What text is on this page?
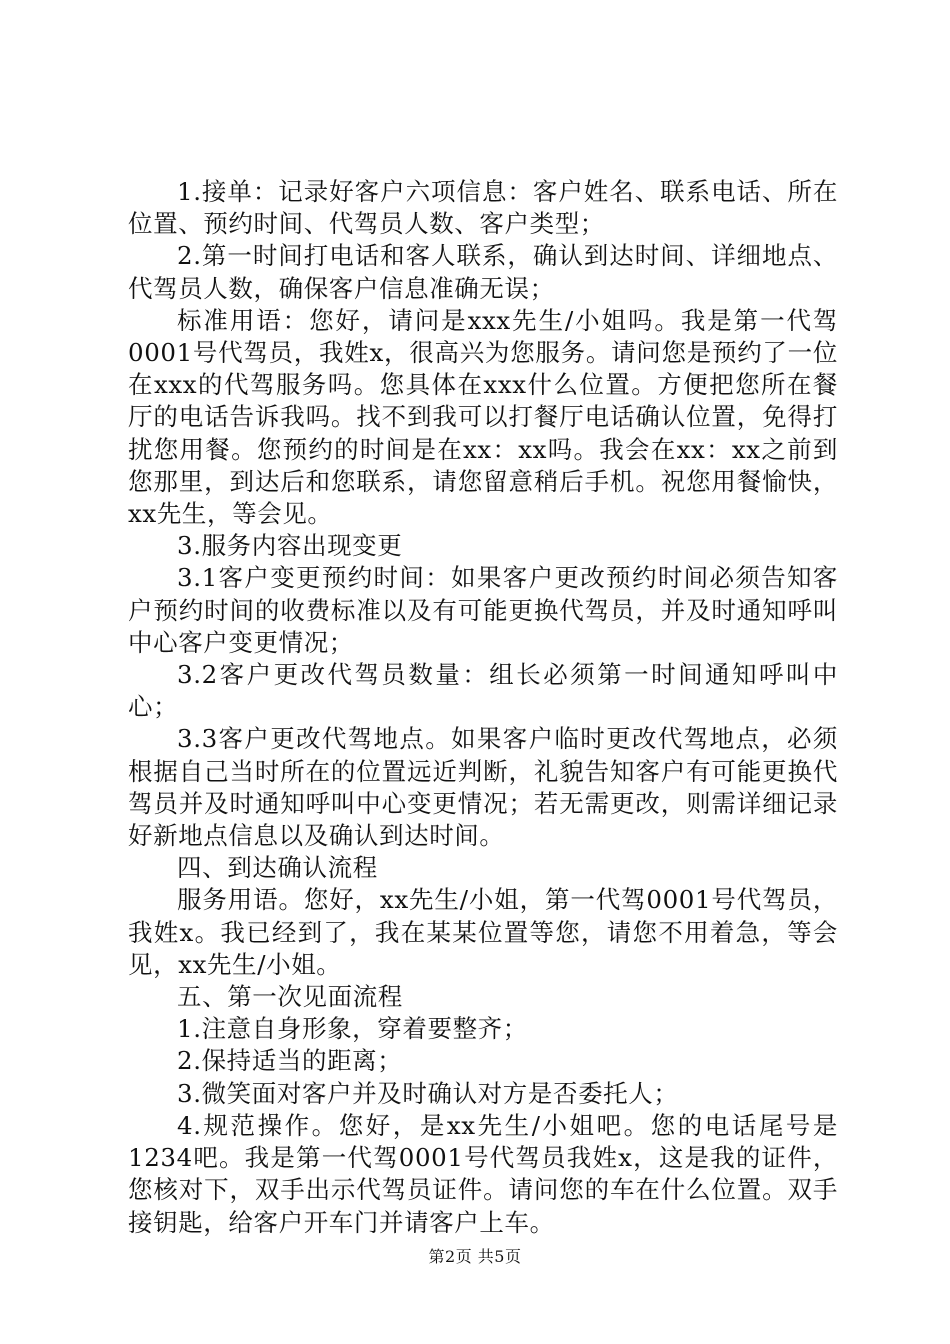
1.接单：记录好客户六项信息：客户姓名、联系电话、所在位置、预约时间、代驾员人数、客户类型；

2.第一时间打电话和客人联系，确认到达时间、详细地点、代驾员人数，确保客户信息准确无误；

标准用语：您好，请问是xxx先生/小姐吗。我是第一代驾0001号代驾员，我姓x，很高兴为您服务。请问您是预约了一位在xxx的代驾服务吗。您具体在xxx什么位置。方便把您所在餐厅的电话告诉我吗。找不到我可以打餐厅电话确认位置，免得打扰您用餐。您预约的时间是在xx：xx吗。我会在xx：xx之前到您那里，到达后和您联系，请您留意稍后手机。祝您用餐愉快，xx先生，等会见。

3.服务内容出现变更

3.1客户变更预约时间：如果客户更改预约时间必须告知客户预约时间的收费标准以及有可能更换代驾员，并及时通知呼叫中心客户变更情况；

3.2客户更改代驾员数量：组长必须第一时间通知呼叫中心；

3.3客户更改代驾地点。如果客户临时更改代驾地点，必须根据自己当时所在的位置远近判断，礼貌告知客户有可能更换代驾员并及时通知呼叫中心变更情况；若无需更改，则需详细记录好新地点信息以及确认到达时间。

四、到达确认流程

服务用语。您好，xx先生/小姐，第一代驾0001号代驾员，我姓x。我已经到了，我在某某位置等您，请您不用着急，等会见，xx先生/小姐。

五、第一次见面流程

1.注意自身形象，穿着要整齐；

2.保持适当的距离；

3.微笑面对客户并及时确认对方是否委托人；

4.规范操作。您好，是xx先生/小姐吧。您的电话尾号是1234吧。我是第一代驾0001号代驾员我姓x，这是我的证件，您核对下，双手出示代驾员证件。请问您的车在什么位置。双手接钥匙，给客户开车门并请客户上车。

第2页 共5页
